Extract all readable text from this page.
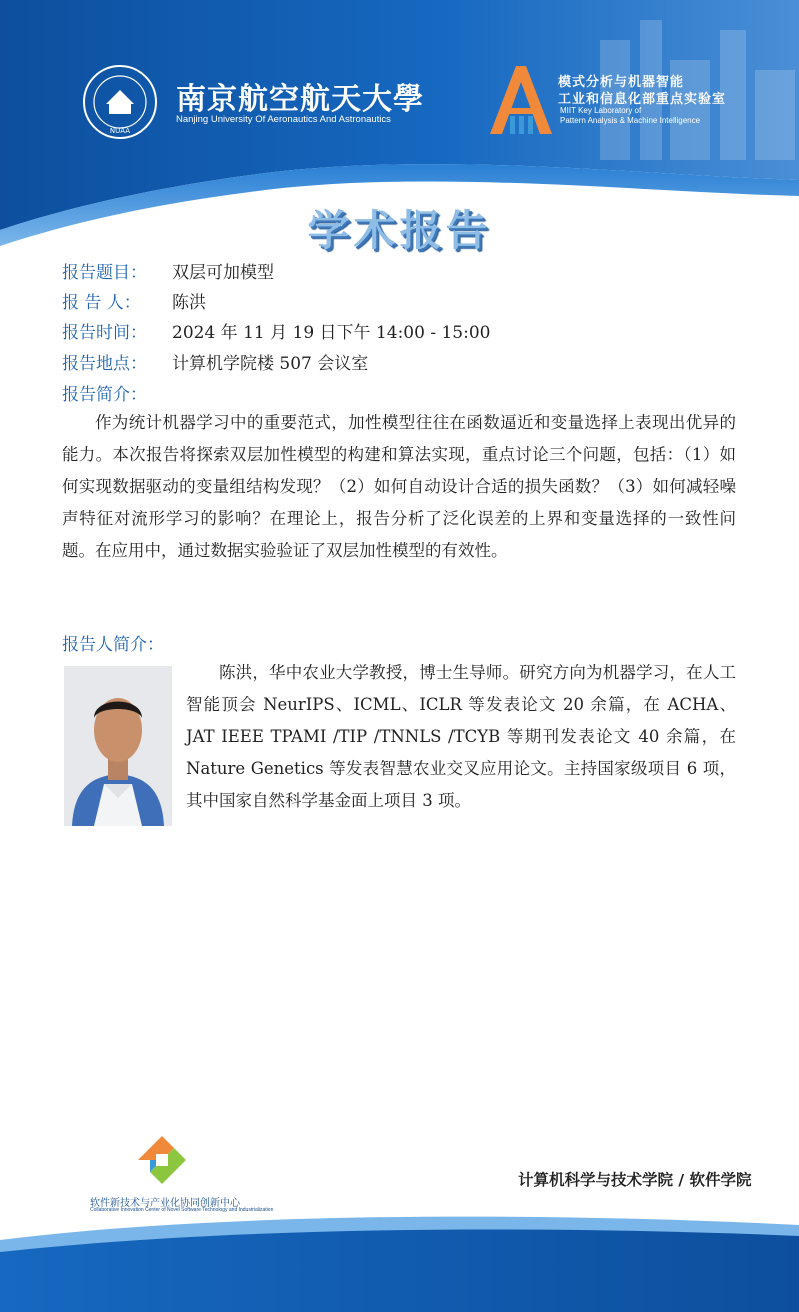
1952
NUAA
南京航空航天大學
Nanjing University Of Aeronautics And Astronautics
模式分析与机器智能
工业和信息化部重点实验室
MIIT Key Laboratory of
Pattern Analysis & Machine Intelligence
学术报告
报告题目： 双层可加模型
报 告 人： 陈洪
报告时间： 2024 年 11 月 19 日下午 14:00 - 15:00
报告地点： 计算机学院楼 507 会议室
报告简介：
作为统计机器学习中的重要范式，加性模型往往在函数逼近和变量选择上表现出优异的能力。本次报告将探索双层加性模型的构建和算法实现，重点讨论三个问题，包括：（1）如何实现数据驱动的变量组结构发现？（2）如何自动设计合适的损失函数？（3）如何减轻噪声特征对流形学习的影响？在理论上，报告分析了泛化误差的上界和变量选择的一致性问题。在应用中，通过数据实验验证了双层加性模型的有效性。
报告人简介：
陈洪，华中农业大学教授，博士生导师。研究方向为机器学习，在人工智能顶会 NeurIPS、ICML、ICLR 等发表论文 20 余篇，在 ACHA、JAT IEEE TPAMI /TIP /TNNLS /TCYB 等期刊发表论文 40 余篇，在 Nature Genetics 等发表智慧农业交叉应用论文。主持国家级项目 6 项，其中国家自然科学基金面上项目 3 项。
软件新技术与产业化协同创新中心
Collaborative Innovation Center of Novel Software Technology and Industrialization
计算机科学与技术学院 / 软件学院
